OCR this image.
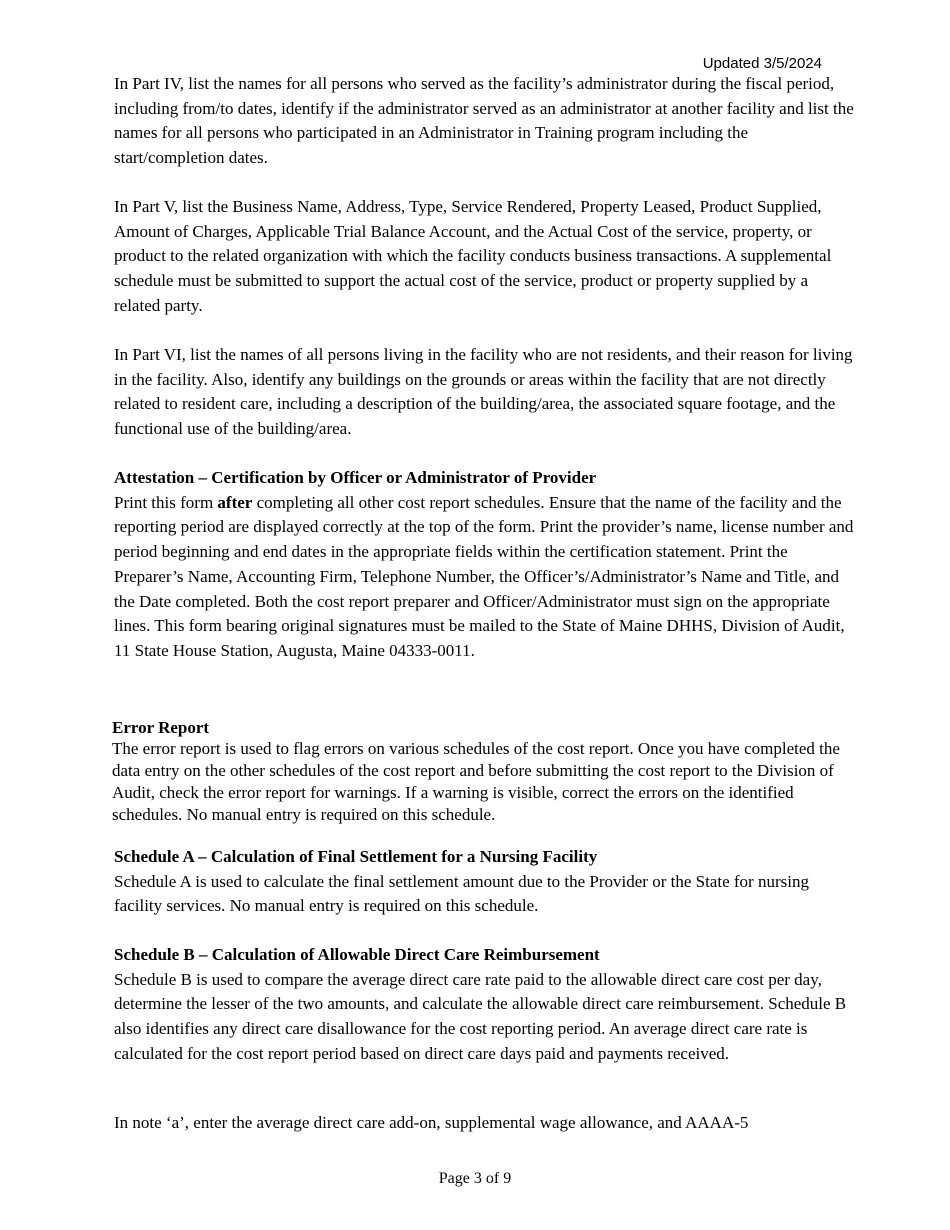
Updated 3/5/2024

In Part IV, list the names for all persons who served as the facility’s administrator during the fiscal period, including from/to dates, identify if the administrator served as an administrator at another facility and list the names for all persons who participated in an Administrator in Training program including the start/completion dates.

In Part V, list the Business Name, Address, Type, Service Rendered, Property Leased, Product Supplied, Amount of Charges, Applicable Trial Balance Account, and the Actual Cost of the service, property, or product to the related organization with which the facility conducts business transactions. A supplemental schedule must be submitted to support the actual cost of the service, product or property supplied by a related party.

In Part VI, list the names of all persons living in the facility who are not residents, and their reason for living in the facility. Also, identify any buildings on the grounds or areas within the facility that are not directly related to resident care, including a description of the building/area, the associated square footage, and the functional use of the building/area.

Attestation – Certification by Officer or Administrator of Provider

Print this form after completing all other cost report schedules. Ensure that the name of the facility and the reporting period are displayed correctly at the top of the form. Print the provider’s name, license number and period beginning and end dates in the appropriate fields within the certification statement. Print the Preparer’s Name, Accounting Firm, Telephone Number, the Officer’s/Administrator’s Name and Title, and the Date completed. Both the cost report preparer and Officer/Administrator must sign on the appropriate lines. This form bearing original signatures must be mailed to the State of Maine DHHS, Division of Audit, 11 State House Station, Augusta, Maine 04333-0011.

Error Report

The error report is used to flag errors on various schedules of the cost report. Once you have completed the data entry on the other schedules of the cost report and before submitting the cost report to the Division of Audit, check the error report for warnings. If a warning is visible, correct the errors on the identified schedules. No manual entry is required on this schedule.

Schedule A – Calculation of Final Settlement for a Nursing Facility

Schedule A is used to calculate the final settlement amount due to the Provider or the State for nursing facility services. No manual entry is required on this schedule.

Schedule B – Calculation of Allowable Direct Care Reimbursement

Schedule B is used to compare the average direct care rate paid to the allowable direct care cost per day, determine the lesser of the two amounts, and calculate the allowable direct care reimbursement. Schedule B also identifies any direct care disallowance for the cost reporting period. An average direct care rate is calculated for the cost report period based on direct care days paid and payments received.

In note ‘a’, enter the average direct care add-on, supplemental wage allowance, and AAAA-5

Page 3 of 9
